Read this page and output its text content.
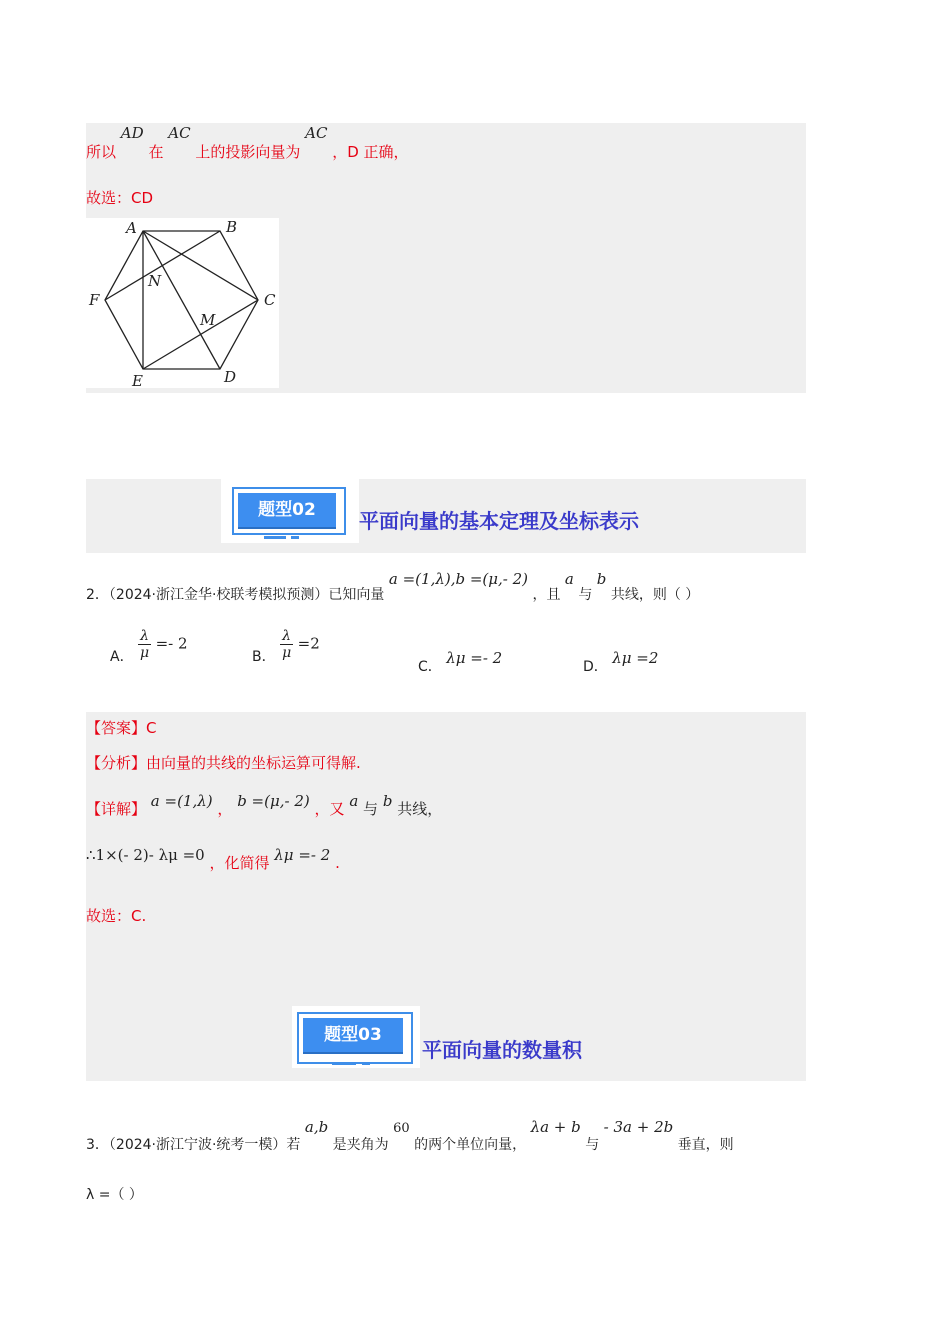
所以 AD 在 AC 上的投影向量为 AC ，D 正确，
故选：CD
A	B
C
D
E
F
M
N
题型02	平面向量的基本定理及坐标表示
2．（2024·浙江金华·校联考模拟预测）已知向量 a =(1,λ),b =(μ,- 2) ，且 a 与 b 共线，则（ ）
A． $\frac{\lambda}{\mu} =- 2$
B． $\frac{\lambda}{\mu} =2$
C． λμ =- 2	D． λμ =2
【答案】C
【分析】由向量的共线的坐标运算可得解.
【详解】 a =(1,λ) ， b =(μ,- 2) ，又 a 与 b 共线，
∴1×(- 2)- λμ =0 ，化简得 λμ =- 2 .
故选：C.
题型03
平面向量的数量积
3．（2024·浙江宁波·统考一模）若 a,b 是夹角为 60 的两个单位向量， λa + b 与 - 3a + 2b 垂直，则
λ =（ ）
